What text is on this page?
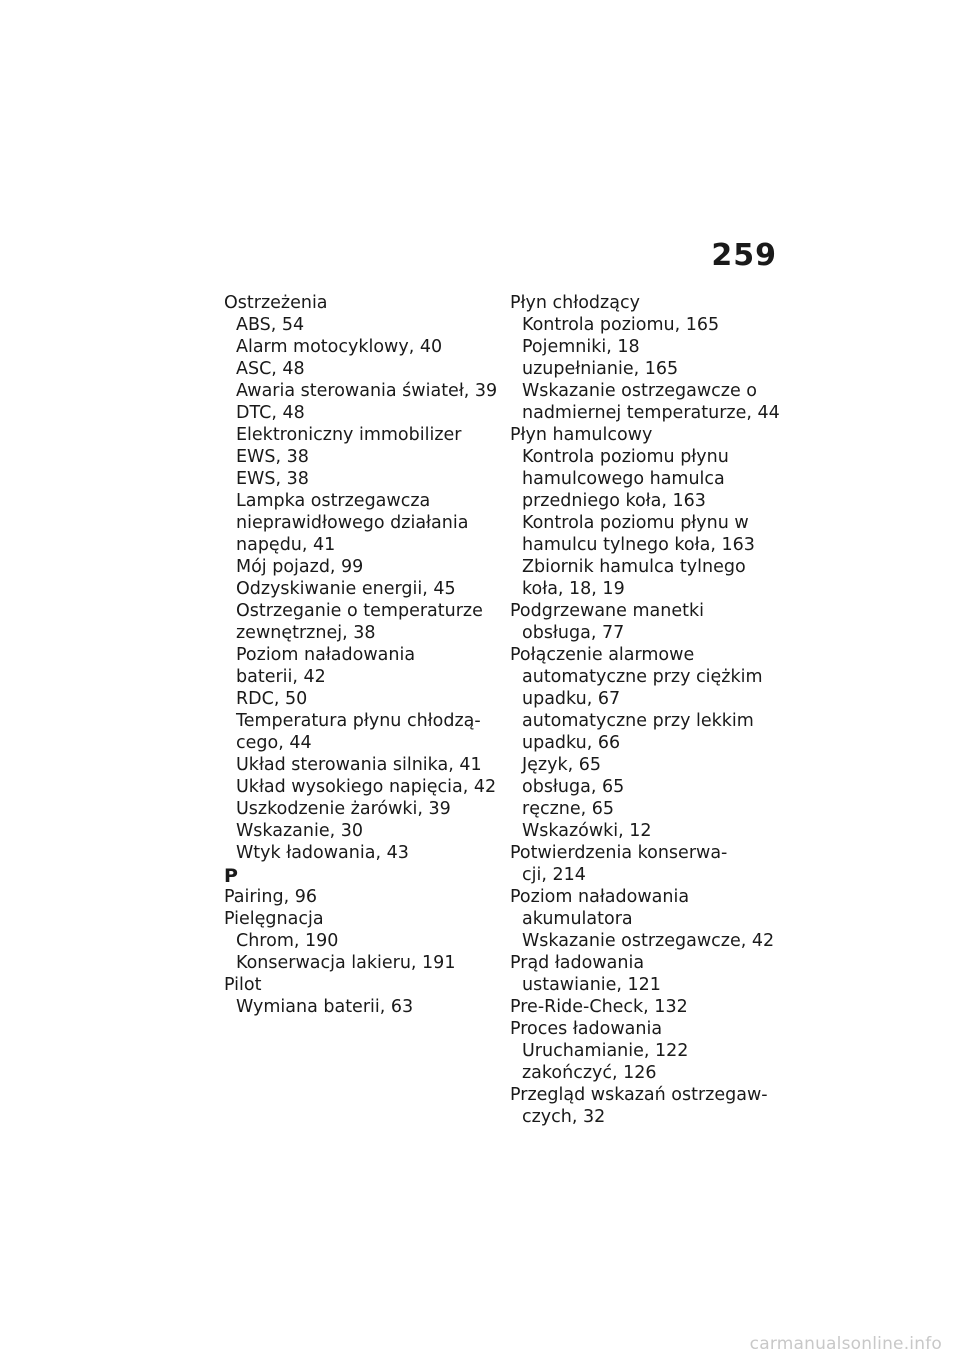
259
Ostrzeżenia
ABS, 54
Alarm motocyklowy, 40
ASC, 48
Awaria sterowania świateł, 39
DTC, 48
Elektroniczny immobilizer
EWS, 38
EWS, 38
Lampka ostrzegawcza
nieprawidłowego działania
napędu, 41
Mój pojazd, 99
Odzyskiwanie energii, 45
Ostrzeganie o temperaturze
zewnętrznej, 38
Poziom naładowania
baterii, 42
RDC, 50
Temperatura płynu chłodzą-
cego, 44
Układ sterowania silnika, 41
Układ wysokiego napięcia, 42
Uszkodzenie żarówki, 39
Wskazanie, 30
Wtyk ładowania, 43
P
Pairing, 96
Pielęgnacja
Chrom, 190
Konserwacja lakieru, 191
Pilot
Wymiana baterii, 63
Płyn chłodzący
Kontrola poziomu, 165
Pojemniki, 18
uzupełnianie, 165
Wskazanie ostrzegawcze o
nadmiernej temperaturze, 44
Płyn hamulcowy
Kontrola poziomu płynu
hamulcowego hamulca
przedniego koła, 163
Kontrola poziomu płynu w
hamulcu tylnego koła, 163
Zbiornik hamulca tylnego
koła, 18, 19
Podgrzewane manetki
obsługa, 77
Połączenie alarmowe
automatyczne przy ciężkim
upadku, 67
automatyczne przy lekkim
upadku, 66
Język, 65
obsługa, 65
ręczne, 65
Wskazówki, 12
Potwierdzenia konserwa-
cji, 214
Poziom naładowania
akumulatora
Wskazanie ostrzegawcze, 42
Prąd ładowania
ustawianie, 121
Pre-Ride-Check, 132
Proces ładowania
Uruchamianie, 122
zakończyć, 126
Przegląd wskazań ostrzegaw-
czych, 32
carmanualsonline.info
